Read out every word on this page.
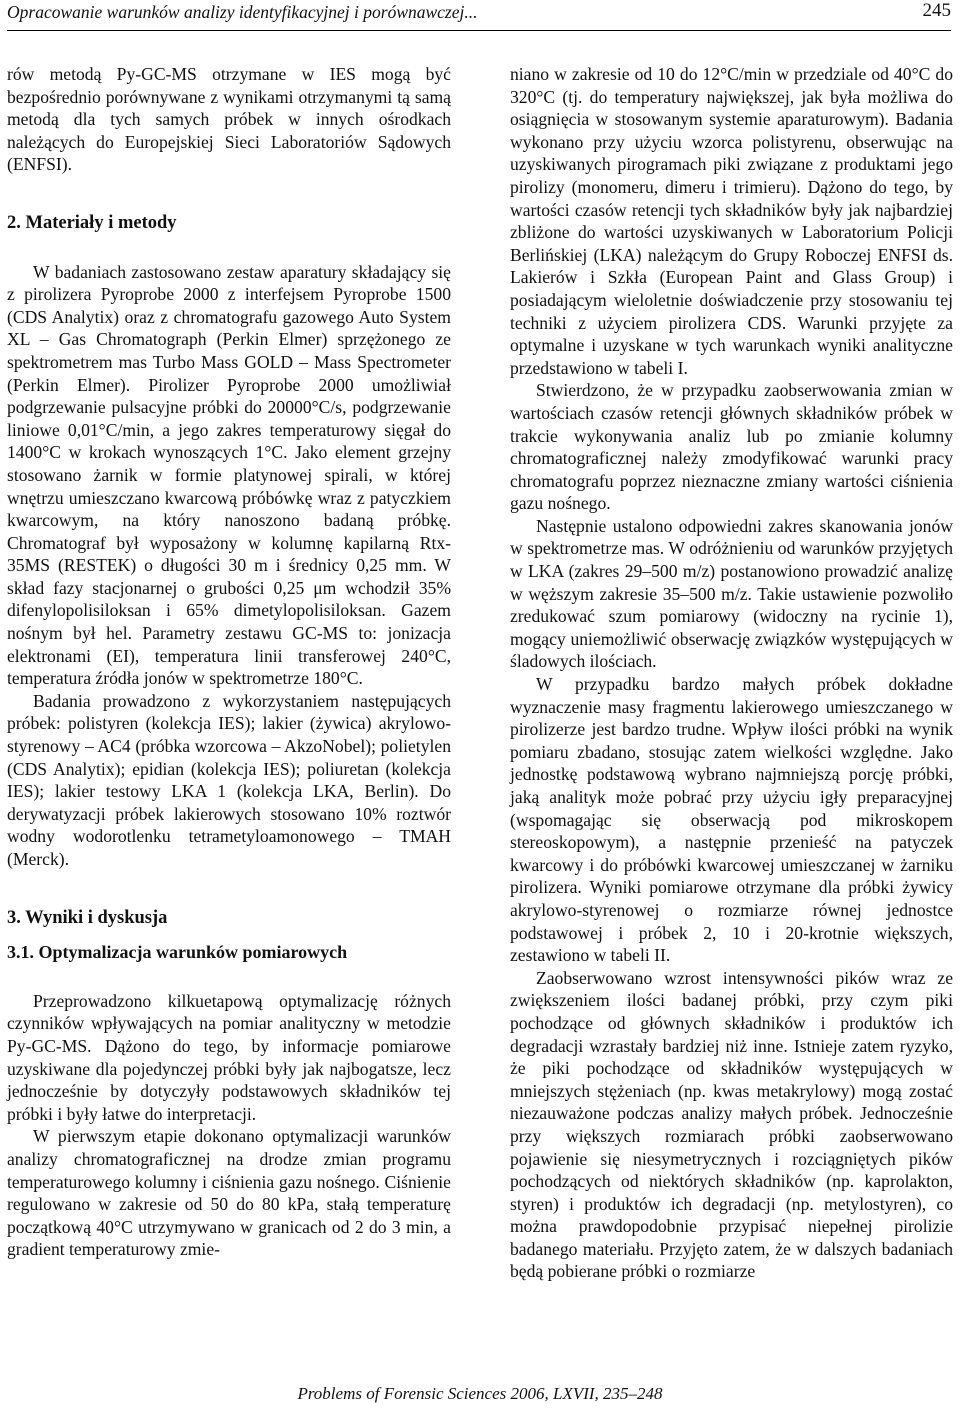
Opracowanie warunków analizy identyfikacyjnej i porównawczej...	245

rów metodą Py-GC-MS otrzymane w IES mogą być bezpośrednio porównywane z wynikami otrzymanymi tą samą metodą dla tych samych próbek w innych ośrodkach należących do Europejskiej Sieci Laboratoriów Sądowych (ENFSI).

2. Materiały i metody

W badaniach zastosowano zestaw aparatury składający się z pirolizera Pyroprobe 2000 z interfejsem Pyroprobe 1500 (CDS Analytix) oraz z chromatografu gazowego Auto System XL – Gas Chromatograph (Perkin Elmer) sprzężonego ze spektrometrem mas Turbo Mass GOLD – Mass Spectrometer (Perkin Elmer). Pirolizer Pyroprobe 2000 umożliwiał podgrzewanie pulsacyjne próbki do 20000°C/s, podgrzewanie liniowe 0,01°C/min, a jego zakres temperaturowy sięgał do 1400°C w krokach wynoszących 1°C. Jako element grzejny stosowano żarnik w formie platynowej spirali, w której wnętrzu umieszczano kwarcową próbówkę wraz z patyczkiem kwarcowym, na który nanoszono badaną próbkę. Chromatograf był wyposażony w kolumnę kapilarną Rtx-35MS (RESTEK) o długości 30 m i średnicy 0,25 mm. W skład fazy stacjonarnej o grubości 0,25 μm wchodził 35% difenylopolisiloksan i 65% dimetylopolisiloksan. Gazem nośnym był hel. Parametry zestawu GC-MS to: jonizacja elektronami (EI), temperatura linii transferowej 240°C, temperatura źródła jonów w spektrometrze 180°C.

Badania prowadzono z wykorzystaniem następujących próbek: polistyren (kolekcja IES); lakier (żywica) akrylowo-styrenowy – AC4 (próbka wzorcowa – AkzoNobel); polietylen (CDS Analytix); epidian (kolekcja IES); poliuretan (kolekcja IES); lakier testowy LKA 1 (kolekcja LKA, Berlin). Do derywatyzacji próbek lakierowych stosowano 10% roztwór wodny wodorotlenku tetrametyloamonowego – TMAH (Merck).

3. Wyniki i dyskusja
3.1. Optymalizacja warunków pomiarowych

Przeprowadzono kilkuetapową optymalizację różnych czynników wpływających na pomiar analityczny w metodzie Py-GC-MS. Dążono do tego, by informacje pomiarowe uzyskiwane dla pojedynczej próbki były jak najbogatsze, lecz jednocześnie by dotyczyły podstawowych składników tej próbki i były łatwe do interpretacji.

W pierwszym etapie dokonano optymalizacji warunków analizy chromatograficznej na drodze zmian programu temperaturowego kolumny i ciśnienia gazu nośnego. Ciśnienie regulowano w zakresie od 50 do 80 kPa, stałą temperaturę początkową 40°C utrzymywano w granicach od 2 do 3 min, a gradient temperaturowy zmie-

niano w zakresie od 10 do 12°C/min w przedziale od 40°C do 320°C (tj. do temperatury największej, jak była możliwa do osiągnięcia w stosowanym systemie aparaturowym). Badania wykonano przy użyciu wzorca polistyrenu, obserwując na uzyskiwanych pirogramach piki związane z produktami jego pirolizy (monomeru, dimeru i trimieru). Dążono do tego, by wartości czasów retencji tych składników były jak najbardziej zbliżone do wartości uzyskiwanych w Laboratorium Policji Berlińskiej (LKA) należącym do Grupy Roboczej ENFSI ds. Lakierów i Szkła (European Paint and Glass Group) i posiadającym wieloletnie doświadczenie przy stosowaniu tej techniki z użyciem pirolizera CDS. Warunki przyjęte za optymalne i uzyskane w tych warunkach wyniki analityczne przedstawiono w tabeli I.

Stwierdzono, że w przypadku zaobserwowania zmian w wartościach czasów retencji głównych składników próbek w trakcie wykonywania analiz lub po zmianie kolumny chromatograficznej należy zmodyfikować warunki pracy chromatografu poprzez nieznaczne zmiany wartości ciśnienia gazu nośnego.

Następnie ustalono odpowiedni zakres skanowania jonów w spektrometrze mas. W odróżnieniu od warunków przyjętych w LKA (zakres 29–500 m/z) postanowiono prowadzić analizę w węższym zakresie 35–500 m/z. Takie ustawienie pozwoliło zredukować szum pomiarowy (widoczny na rycinie 1), mogący uniemożliwić obserwację związków występujących w śladowych ilościach.

W przypadku bardzo małych próbek dokładne wyznaczenie masy fragmentu lakierowego umieszczanego w pirolizerze jest bardzo trudne. Wpływ ilości próbki na wynik pomiaru zbadano, stosując zatem wielkości względne. Jako jednostkę podstawową wybrano najmniejszą porcję próbki, jaką analityk może pobrać przy użyciu igły preparacyjnej (wspomagając się obserwacją pod mikroskopem stereoskopowym), a następnie przenieść na patyczek kwarcowy i do próbówki kwarcowej umieszczanej w żarniku pirolizera. Wyniki pomiarowe otrzymane dla próbki żywicy akrylowo-styrenowej o rozmiarze równej jednostce podstawowej i próbek 2, 10 i 20-krotnie większych, zestawiono w tabeli II.

Zaobserwowano wzrost intensywności pików wraz ze zwiększeniem ilości badanej próbki, przy czym piki pochodzące od głównych składników i produktów ich degradacji wzrastały bardziej niż inne. Istnieje zatem ryzyko, że piki pochodzące od składników występujących w mniejszych stężeniach (np. kwas metakrylowy) mogą zostać niezauważone podczas analizy małych próbek. Jednocześnie przy większych rozmiarach próbki zaobserwowano pojawienie się niesymetrycznych i rozciągniętych pików pochodzących od niektórych składników (np. kaprolakton, styren) i produktów ich degradacji (np. metylostyren), co można prawdopodobnie przypisać niepełnej pirolizie badanego materiału. Przyjęto zatem, że w dalszych badaniach będą pobierane próbki o rozmiarze

Problems of Forensic Sciences 2006, LXVII, 235–248
